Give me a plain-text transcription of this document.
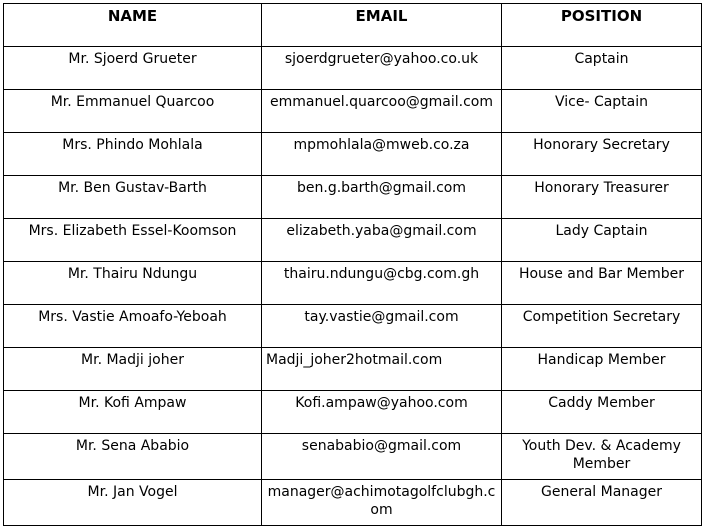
NAME	EMAIL	POSITION
Mr. Sjoerd Grueter	sjoerdgrueter@yahoo.co.uk	Captain
Mr. Emmanuel Quarcoo	emmanuel.quarcoo@gmail.com	Vice- Captain
Mrs. Phindo Mohlala	mpmohlala@mweb.co.za	Honorary Secretary
Mr. Ben Gustav-Barth	ben.g.barth@gmail.com	Honorary Treasurer
Mrs. Elizabeth Essel-Koomson	elizabeth.yaba@gmail.com	Lady Captain
Mr. Thairu Ndungu	thairu.ndungu@cbg.com.gh	House and Bar Member
Mrs. Vastie Amoafo-Yeboah	tay.vastie@gmail.com	Competition Secretary
Mr. Madji joher	Madji_joher2hotmail.com	Handicap Member
Mr. Kofi Ampaw	Kofi.ampaw@yahoo.com	Caddy Member
Mr. Sena Ababio	senababio@gmail.com	Youth Dev. & Academy Member
Mr. Jan Vogel	manager@achimotagolfclubgh.com	General Manager
